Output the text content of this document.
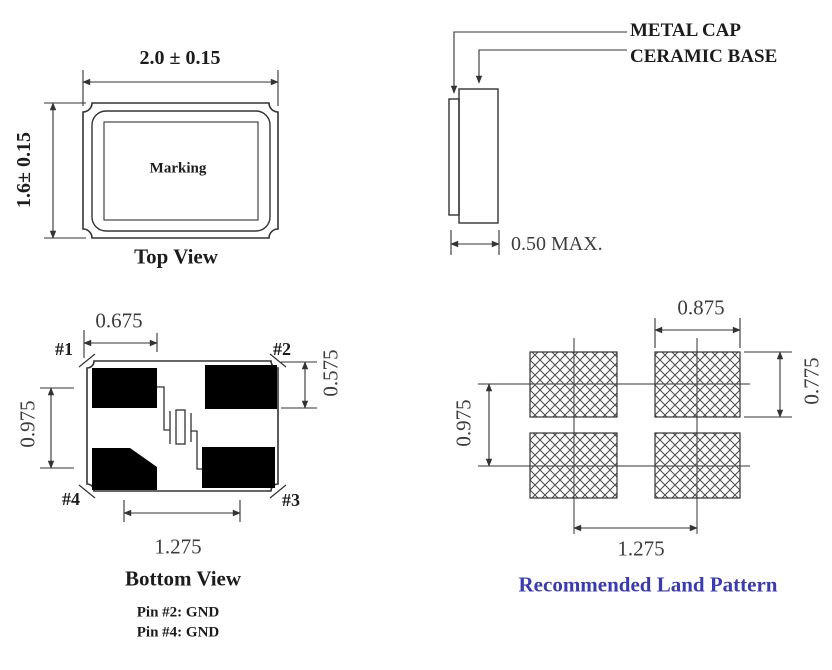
2.0 ± 0.15
1.6± 0.15	Marking
Top View
METAL CAP
CERAMIC BASE
0.50 MAX.
#1	#2
#3
#4
0.675
0.975
0.575
1.275
Bottom View
Pin #2: GND
Pin #4: GND
0.875
0.775
0.975
1.275
Recommended Land Pattern
